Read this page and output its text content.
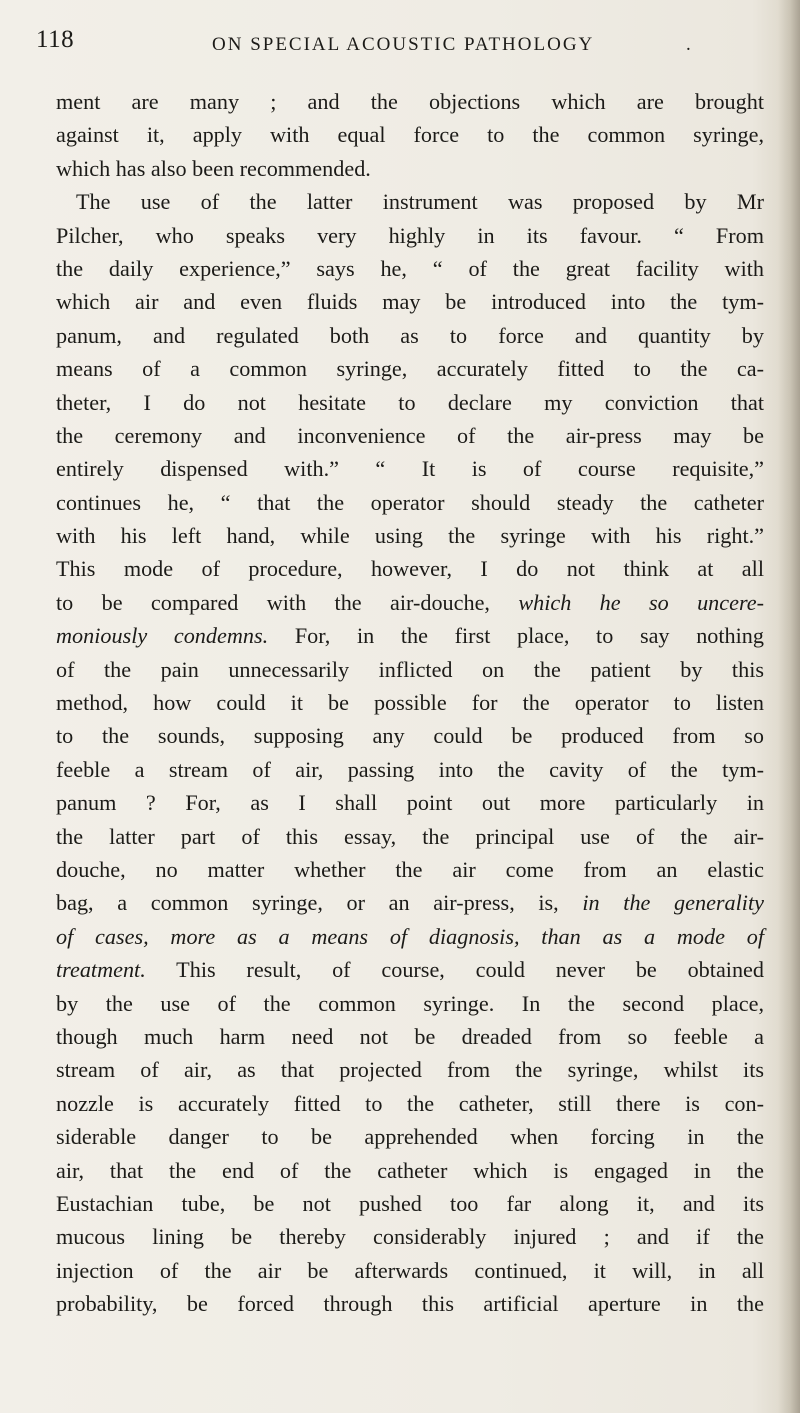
118	ON SPECIAL ACOUSTIC PATHOLOGY	.
ment are many ; and the objections which are brought
against it, apply with equal force to the common syringe,
which has also been recommended.
The use of the latter instrument was proposed by Mr
Pilcher, who speaks very highly in its favour. “ From
the daily experience,” says he, “ of the great facility with
which air and even fluids may be introduced into the tym-
panum, and regulated both as to force and quantity by
means of a common syringe, accurately fitted to the ca-
theter, I do not hesitate to declare my conviction that
the ceremony and inconvenience of the air-press may be
entirely dispensed with.” “ It is of course requisite,”
continues he, “ that the operator should steady the catheter
with his left hand, while using the syringe with his right.”
This mode of procedure, however, I do not think at all
to be compared with the air-douche, which he so uncere-
moniously condemns. For, in the first place, to say nothing
of the pain unnecessarily inflicted on the patient by this
method, how could it be possible for the operator to listen
to the sounds, supposing any could be produced from so
feeble a stream of air, passing into the cavity of the tym-
panum ? For, as I shall point out more particularly in
the latter part of this essay, the principal use of the air-
douche, no matter whether the air come from an elastic
bag, a common syringe, or an air-press, is, in the generality
of cases, more as a means of diagnosis, than as a mode of
treatment. This result, of course, could never be obtained
by the use of the common syringe. In the second place,
though much harm need not be dreaded from so feeble a
stream of air, as that projected from the syringe, whilst its
nozzle is accurately fitted to the catheter, still there is con-
siderable danger to be apprehended when forcing in the
air, that the end of the catheter which is engaged in the
Eustachian tube, be not pushed too far along it, and its
mucous lining be thereby considerably injured ; and if the
injection of the air be afterwards continued, it will, in all
probability, be forced through this artificial aperture in the
